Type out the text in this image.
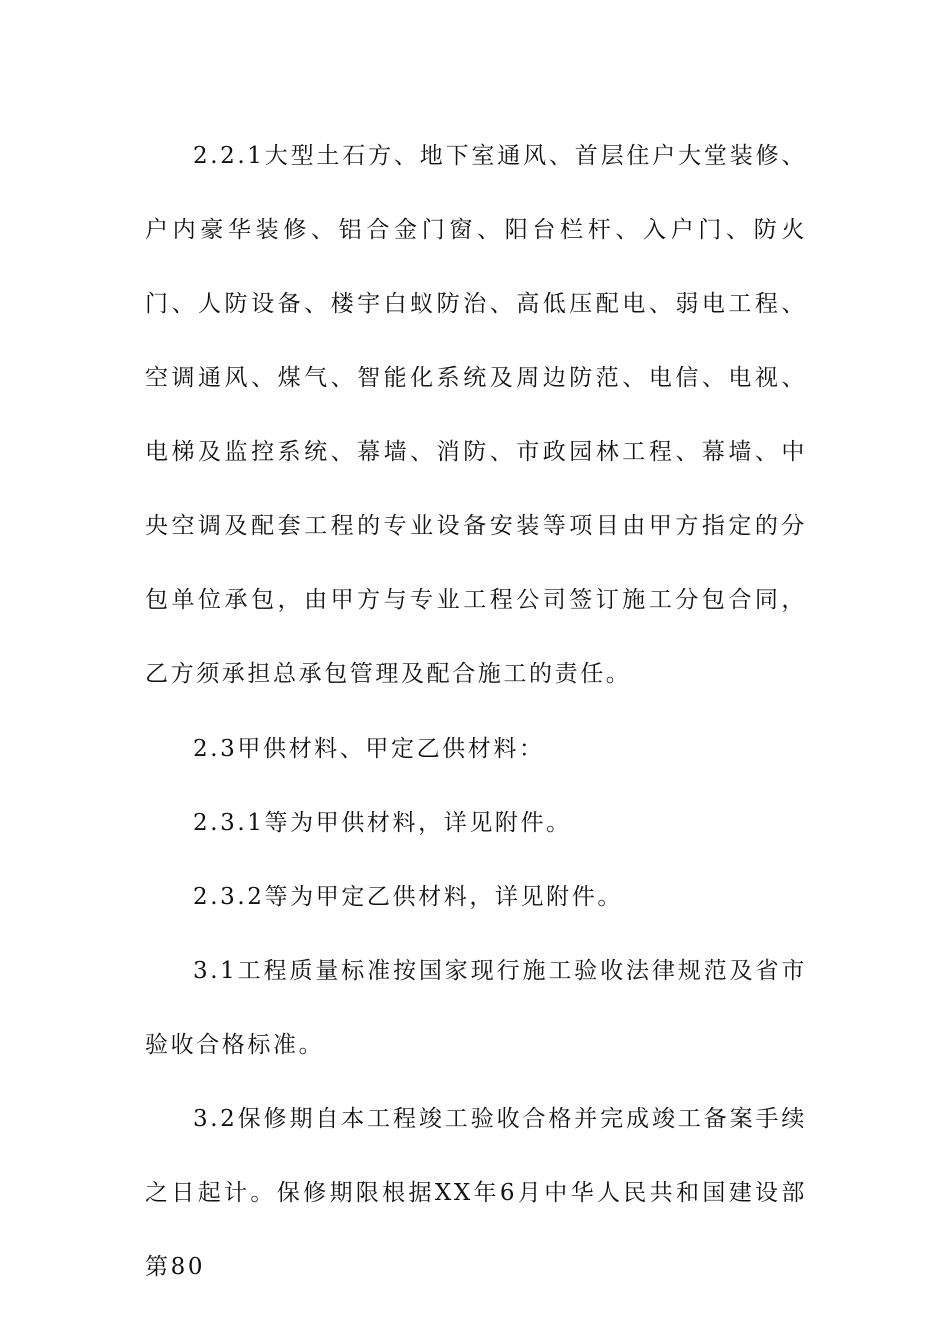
2.2.1大型土石方、地下室通风、首层住户大堂装修、户内豪华装修、铝合金门窗、阳台栏杆、入户门、防火门、人防设备、楼宇白蚁防治、高低压配电、弱电工程、空调通风、煤气、智能化系统及周边防范、电信、电视、电梯及监控系统、幕墙、消防、市政园林工程、幕墙、中央空调及配套工程的专业设备安装等项目由甲方指定的分包单位承包，由甲方与专业工程公司签订施工分包合同，乙方须承担总承包管理及配合施工的责任。

2.3甲供材料、甲定乙供材料：

2.3.1等为甲供材料，详见附件。

2.3.2等为甲定乙供材料，详见附件。

3.1工程质量标准按国家现行施工验收法律规范及省市验收合格标准。

3.2保修期自本工程竣工验收合格并完成竣工备案手续之日起计。保修期限根据XX年6月中华人民共和国建设部第80
